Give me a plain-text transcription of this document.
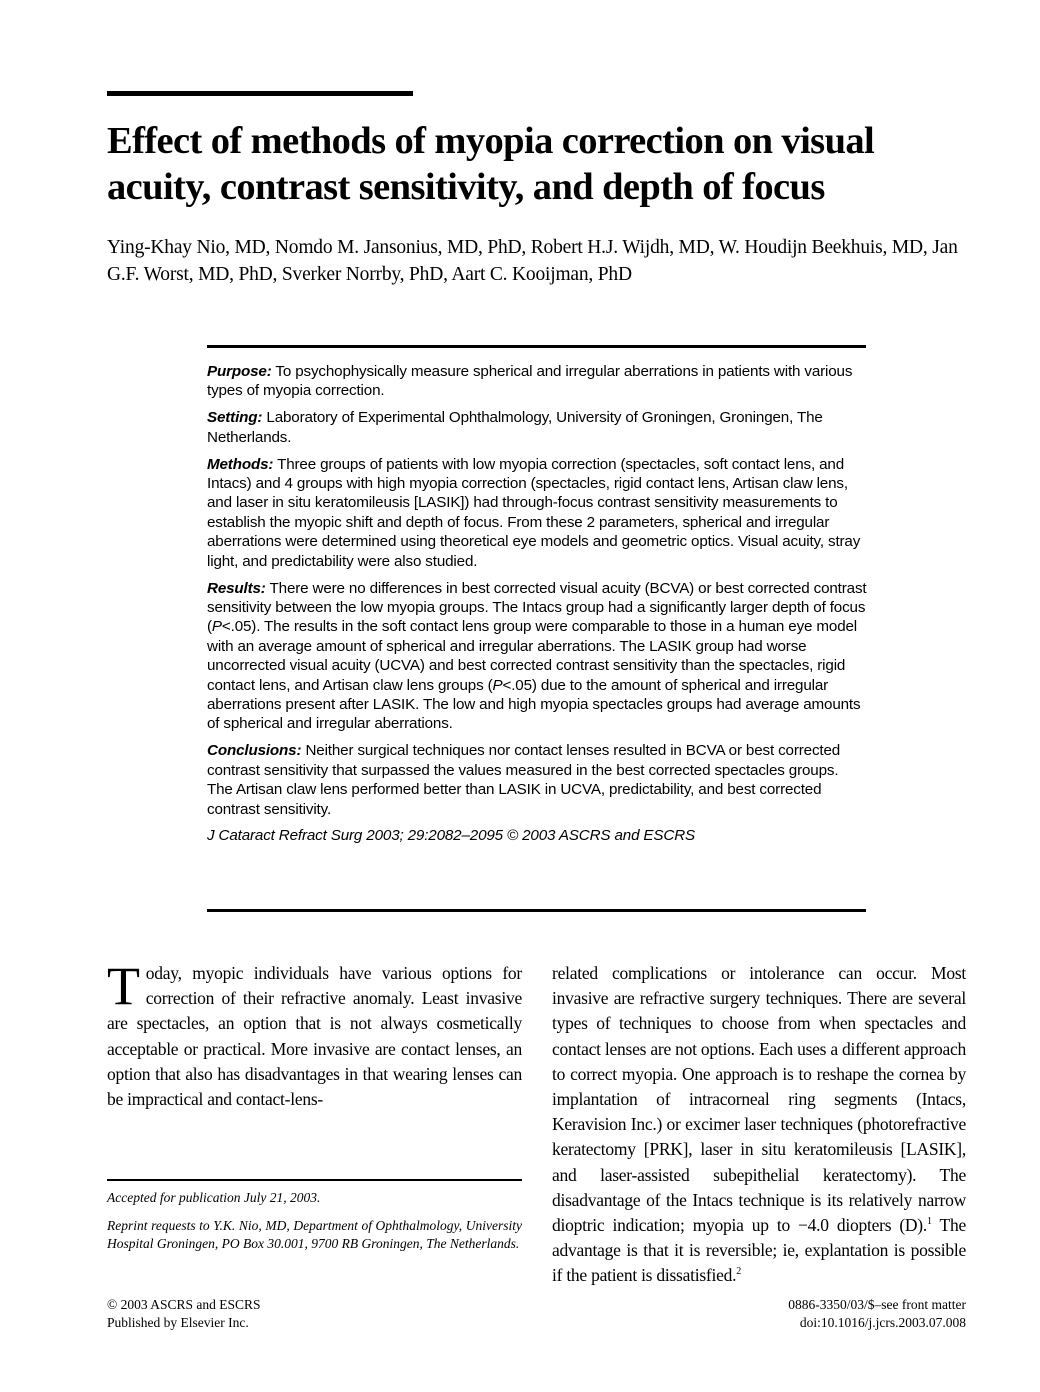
Effect of methods of myopia correction on visual acuity, contrast sensitivity, and depth of focus

Ying-Khay Nio, MD, Nomdo M. Jansonius, MD, PhD, Robert H.J. Wijdh, MD, W. Houdijn Beekhuis, MD, Jan G.F. Worst, MD, PhD, Sverker Norrby, PhD, Aart C. Kooijman, PhD

Purpose: To psychophysically measure spherical and irregular aberrations in patients with various types of myopia correction.

Setting: Laboratory of Experimental Ophthalmology, University of Groningen, Groningen, The Netherlands.

Methods: Three groups of patients with low myopia correction (spectacles, soft contact lens, and Intacs) and 4 groups with high myopia correction (spectacles, rigid contact lens, Artisan claw lens, and laser in situ keratomileusis [LASIK]) had through-focus contrast sensitivity measurements to establish the myopic shift and depth of focus. From these 2 parameters, spherical and irregular aberrations were determined using theoretical eye models and geometric optics. Visual acuity, stray light, and predictability were also studied.

Results: There were no differences in best corrected visual acuity (BCVA) or best corrected contrast sensitivity between the low myopia groups. The Intacs group had a significantly larger depth of focus (P<.05). The results in the soft contact lens group were comparable to those in a human eye model with an average amount of spherical and irregular aberrations. The LASIK group had worse uncorrected visual acuity (UCVA) and best corrected contrast sensitivity than the spectacles, rigid contact lens, and Artisan claw lens groups (P<.05) due to the amount of spherical and irregular aberrations present after LASIK. The low and high myopia spectacles groups had average amounts of spherical and irregular aberrations.

Conclusions: Neither surgical techniques nor contact lenses resulted in BCVA or best corrected contrast sensitivity that surpassed the values measured in the best corrected spectacles groups. The Artisan claw lens performed better than LASIK in UCVA, predictability, and best corrected contrast sensitivity.

J Cataract Refract Surg 2003; 29:2082–2095 © 2003 ASCRS and ESCRS

Today, myopic individuals have various options for correction of their refractive anomaly. Least invasive are spectacles, an option that is not always cosmetically acceptable or practical. More invasive are contact lenses, an option that also has disadvantages in that wearing lenses can be impractical and contact-lens-

related complications or intolerance can occur. Most invasive are refractive surgery techniques. There are several types of techniques to choose from when spectacles and contact lenses are not options. Each uses a different approach to correct myopia. One approach is to reshape the cornea by implantation of intracorneal ring segments (Intacs, Keravision Inc.) or excimer laser techniques (photorefractive keratectomy [PRK], laser in situ keratomileusis [LASIK], and laser-assisted subepithelial keratectomy). The disadvantage of the Intacs technique is its relatively narrow dioptric indication; myopia up to −4.0 diopters (D).$^1$ The advantage is that it is reversible; ie, explantation is possible if the patient is dissatisfied.$^2$

Accepted for publication July 21, 2003.

Reprint requests to Y.K. Nio, MD, Department of Ophthalmology, University Hospital Groningen, PO Box 30.001, 9700 RB Groningen, The Netherlands.

© 2003 ASCRS and ESCRS
Published by Elsevier Inc.
0886-3350/03/$–see front matter
doi:10.1016/j.jcrs.2003.07.008
